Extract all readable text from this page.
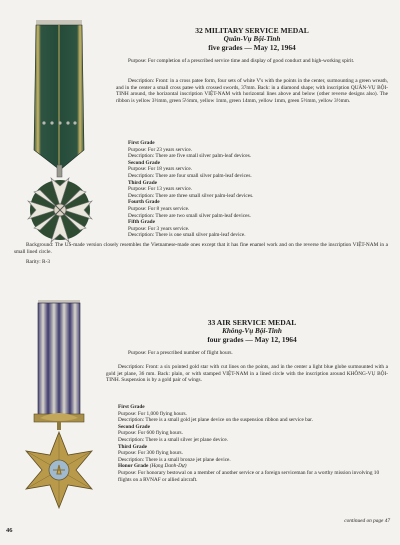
32 MILITARY SERVICE MEDAL
Quân-Vụ Bội-Tinh
five grades — May 12, 1964

Purpose: For completion of a prescribed service time and display of good conduct and high-working spirit.

Description: Front: in a cross patee form, four sets of white V's with the points in the center, surmounting a green wreath, and in the center a small cross patee with crossed swords, 37mm. Back: in a diamond shape; with inscription QUÂN-VỤ BỘI-TINH around, the horizontal inscription VIỆT-NAM with horizontal lines above and below (other reverse designs also). The ribbon is yellow 3½mm, green 5½mm, yellow 1mm, green 14mm, yellow 1mm, green 5½mm, yellow 3½mm.

First Grade

Purpose: For 23 years service.

Description: There are five small silver palm-leaf devices.

Second Grade

Purpose: For 18 years service.

Description: There are four small silver palm-leaf devices.

Third Grade

Purpose: For 13 years service.

Description: There are three small silver palm-leaf devices.

Fourth Grade

Purpose: For 8 years service.

Description: There are two small silver palm-leaf devices.

Fifth Grade

Purpose: For 3 years service.

Description: There is one small silver palm-leaf device.

Background: The US-made version closely resembles the Vietnamese-made ones except that it has fine enamel work and on the reverse the inscription VIỆT-NAM in a small lined circle.

Rarity: R-3

33 AIR SERVICE MEDAL
Không-Vụ Bội-Tinh
four grades — May 12, 1964

Purpose: For a prescribed number of flight hours.

Description: Front: a six pointed gold star with cut lines on the points, and in the center a light blue globe surmounted with a gold jet plane, 36 mm. Back: plain, or with stamped VIỆT-NAM in a lined circle with the inscription around KHÔNG-VỤ BỘI-TINH. Suspension is by a gold pair of wings.

First Grade

Purpose: For 1,000 flying hours.

Description: There is a small gold jet plane device on the suspension ribbon and service bar.

Second Grade

Purpose: For 600 flying hours.

Description: There is a small silver jet plane device.

Third Grade

Purpose: For 300 flying hours.

Description: There is a small bronze jet plane device.

Honor Grade (Hạng Danh-Dự)

Purpose: For honorary bestowal on a member of another service or a foreign serviceman for a worthy mission involving 10 flights on a RVNAF or allied aircraft.

continued on page 47
46
